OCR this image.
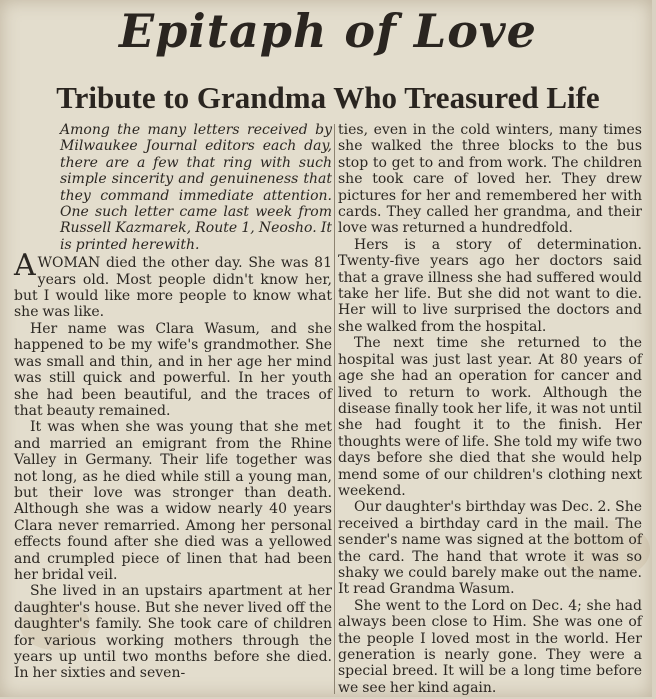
Epitaph of Love
Tribute to Grandma Who Treasured Life

Among the many letters received by Milwaukee Journal editors each day, there are a few that ring with such simple sincerity and genuineness that they command immediate attention. One such letter came last week from Russell Kazmarek, Route 1, Neosho. It is printed herewith.

AWOMAN died the other day. She was 81 years old. Most people didn't know her, but I would like more people to know what she was like.

Her name was Clara Wasum, and she happened to be my wife's grandmother. She was small and thin, and in her age her mind was still quick and powerful. In her youth she had been beautiful, and the traces of that beauty remained.

It was when she was young that she met and married an emigrant from the Rhine Valley in Germany. Their life together was not long, as he died while still a young man, but their love was stronger than death. Although she was a widow nearly 40 years Clara never remarried. Among her personal effects found after she died was a yellowed and crumpled piece of linen that had been her bridal veil.

She lived in an upstairs apartment at her daughter's house. But she never lived off the daughter's family. She took care of children for various working mothers through the years up until two months before she died. In her sixties and seven-

ties, even in the cold winters, many times she walked the three blocks to the bus stop to get to and from work. The children she took care of loved her. They drew pictures for her and remembered her with cards. They called her grandma, and their love was returned a hundredfold.

Hers is a story of determination. Twenty-five years ago her doctors said that a grave illness she had suffered would take her life. But she did not want to die. Her will to live surprised the doctors and she walked from the hospital.

The next time she returned to the hospital was just last year. At 80 years of age she had an operation for cancer and lived to return to work. Although the disease finally took her life, it was not until she had fought it to the finish. Her thoughts were of life. She told my wife two days before she died that she would help mend some of our children's clothing next weekend.

Our daughter's birthday was Dec. 2. She received a birthday card in the mail. The sender's name was signed at the bottom of the card. The hand that wrote it was so shaky we could barely make out the name. It read Grandma Wasum.

She went to the Lord on Dec. 4; she had always been close to Him. She was one of the people I loved most in the world. Her generation is nearly gone. They were a special breed. It will be a long time before we see her kind again.
